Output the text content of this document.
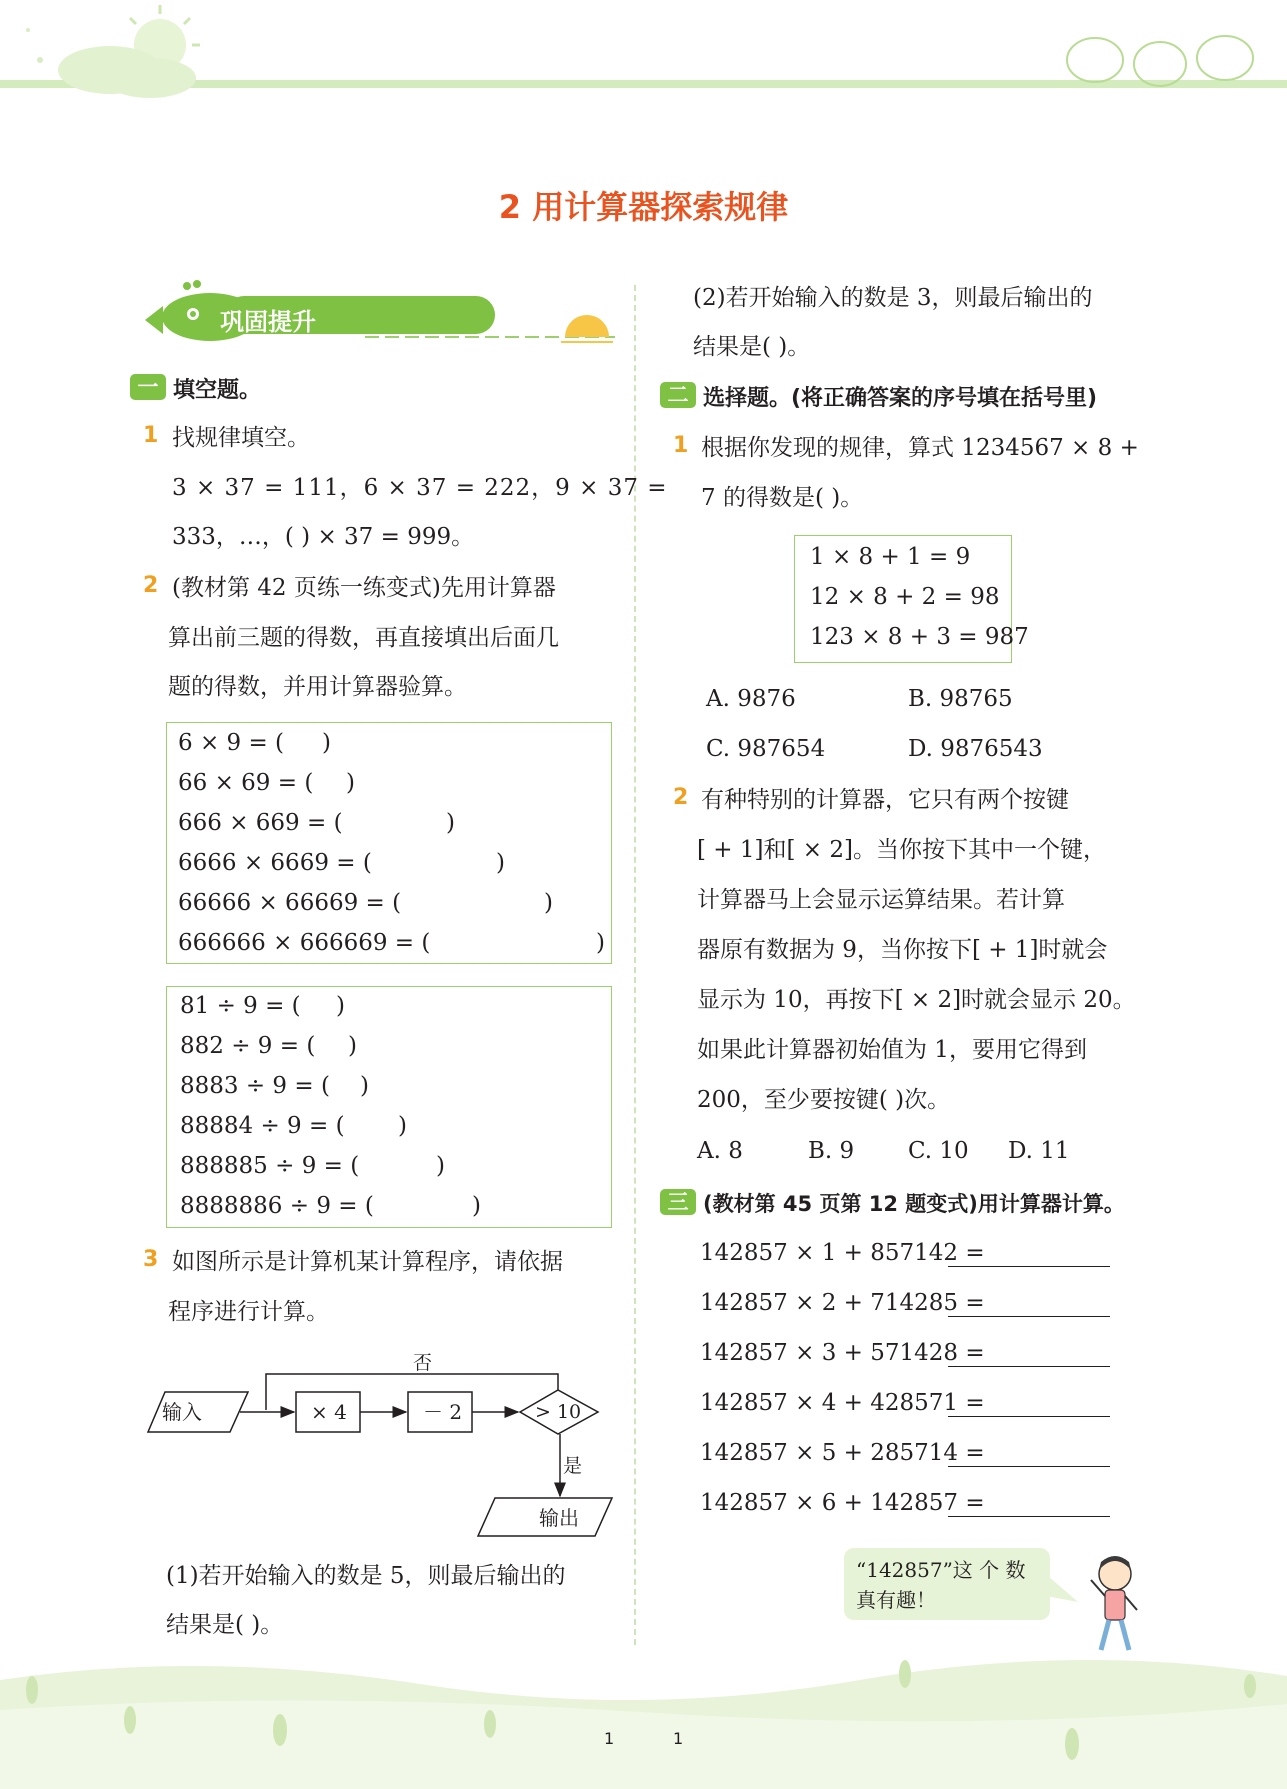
2 用计算器探索规律
巩固提升
一 填空题。
1 找规律填空。
3 × 37 = 111，6 × 37 = 222，9 × 37 =
333，…，( ) × 37 = 999。
2 (教材第 42 页练一练变式)先用计算器
算出前三题的得数，再直接填出后面几
题的得数，并用计算器验算。
6 × 9 = ( )
66 × 69 = ( )
666 × 669 = (	)
6666 × 6669 = (	)
66666 × 66669 = (	)
666666 × 666669 = (	)
81 ÷ 9 = ( )
882 ÷ 9 = ( )
8883 ÷ 9 = ( )
88884 ÷ 9 = ( )
888885 ÷ 9 = (	)
8888886 ÷ 9 = (	)
3 如图所示是计算机某计算程序，请依据
程序进行计算。
输入	× 4	－ 2	> 10
否
是
输出
(1)若开始输入的数是 5，则最后输出的
结果是( )。
(2)若开始输入的数是 3，则最后输出的
结果是( )。
二 选择题。(将正确答案的序号填在括号里)
1 根据你发现的规律，算式 1234567 × 8 +
7 的得数是( )。
1 × 8 + 1 = 9
12 × 8 + 2 = 98
123 × 8 + 3 = 987
A. 9876	B. 98765
C. 987654	D. 9876543
2 有种特别的计算器，它只有两个按键
[ + 1]和[ × 2]。当你按下其中一个键，
计算器马上会显示运算结果。若计算
器原有数据为 9，当你按下[ + 1]时就会
显示为 10，再按下[ × 2]时就会显示 20。
如果此计算器初始值为 1，要用它得到
200，至少要按键( )次。
A. 8	B. 9 C. 10 D. 11
三 (教材第 45 页第 12 题变式)用计算器计算。
142857 × 1 + 857142 =
142857 × 2 + 714285 =
142857 × 3 + 571428 =
142857 × 4 + 428571 =
142857 × 5 + 285714 =
142857 × 6 + 142857 =
“142857”这 个 数
真有趣！
1	1
